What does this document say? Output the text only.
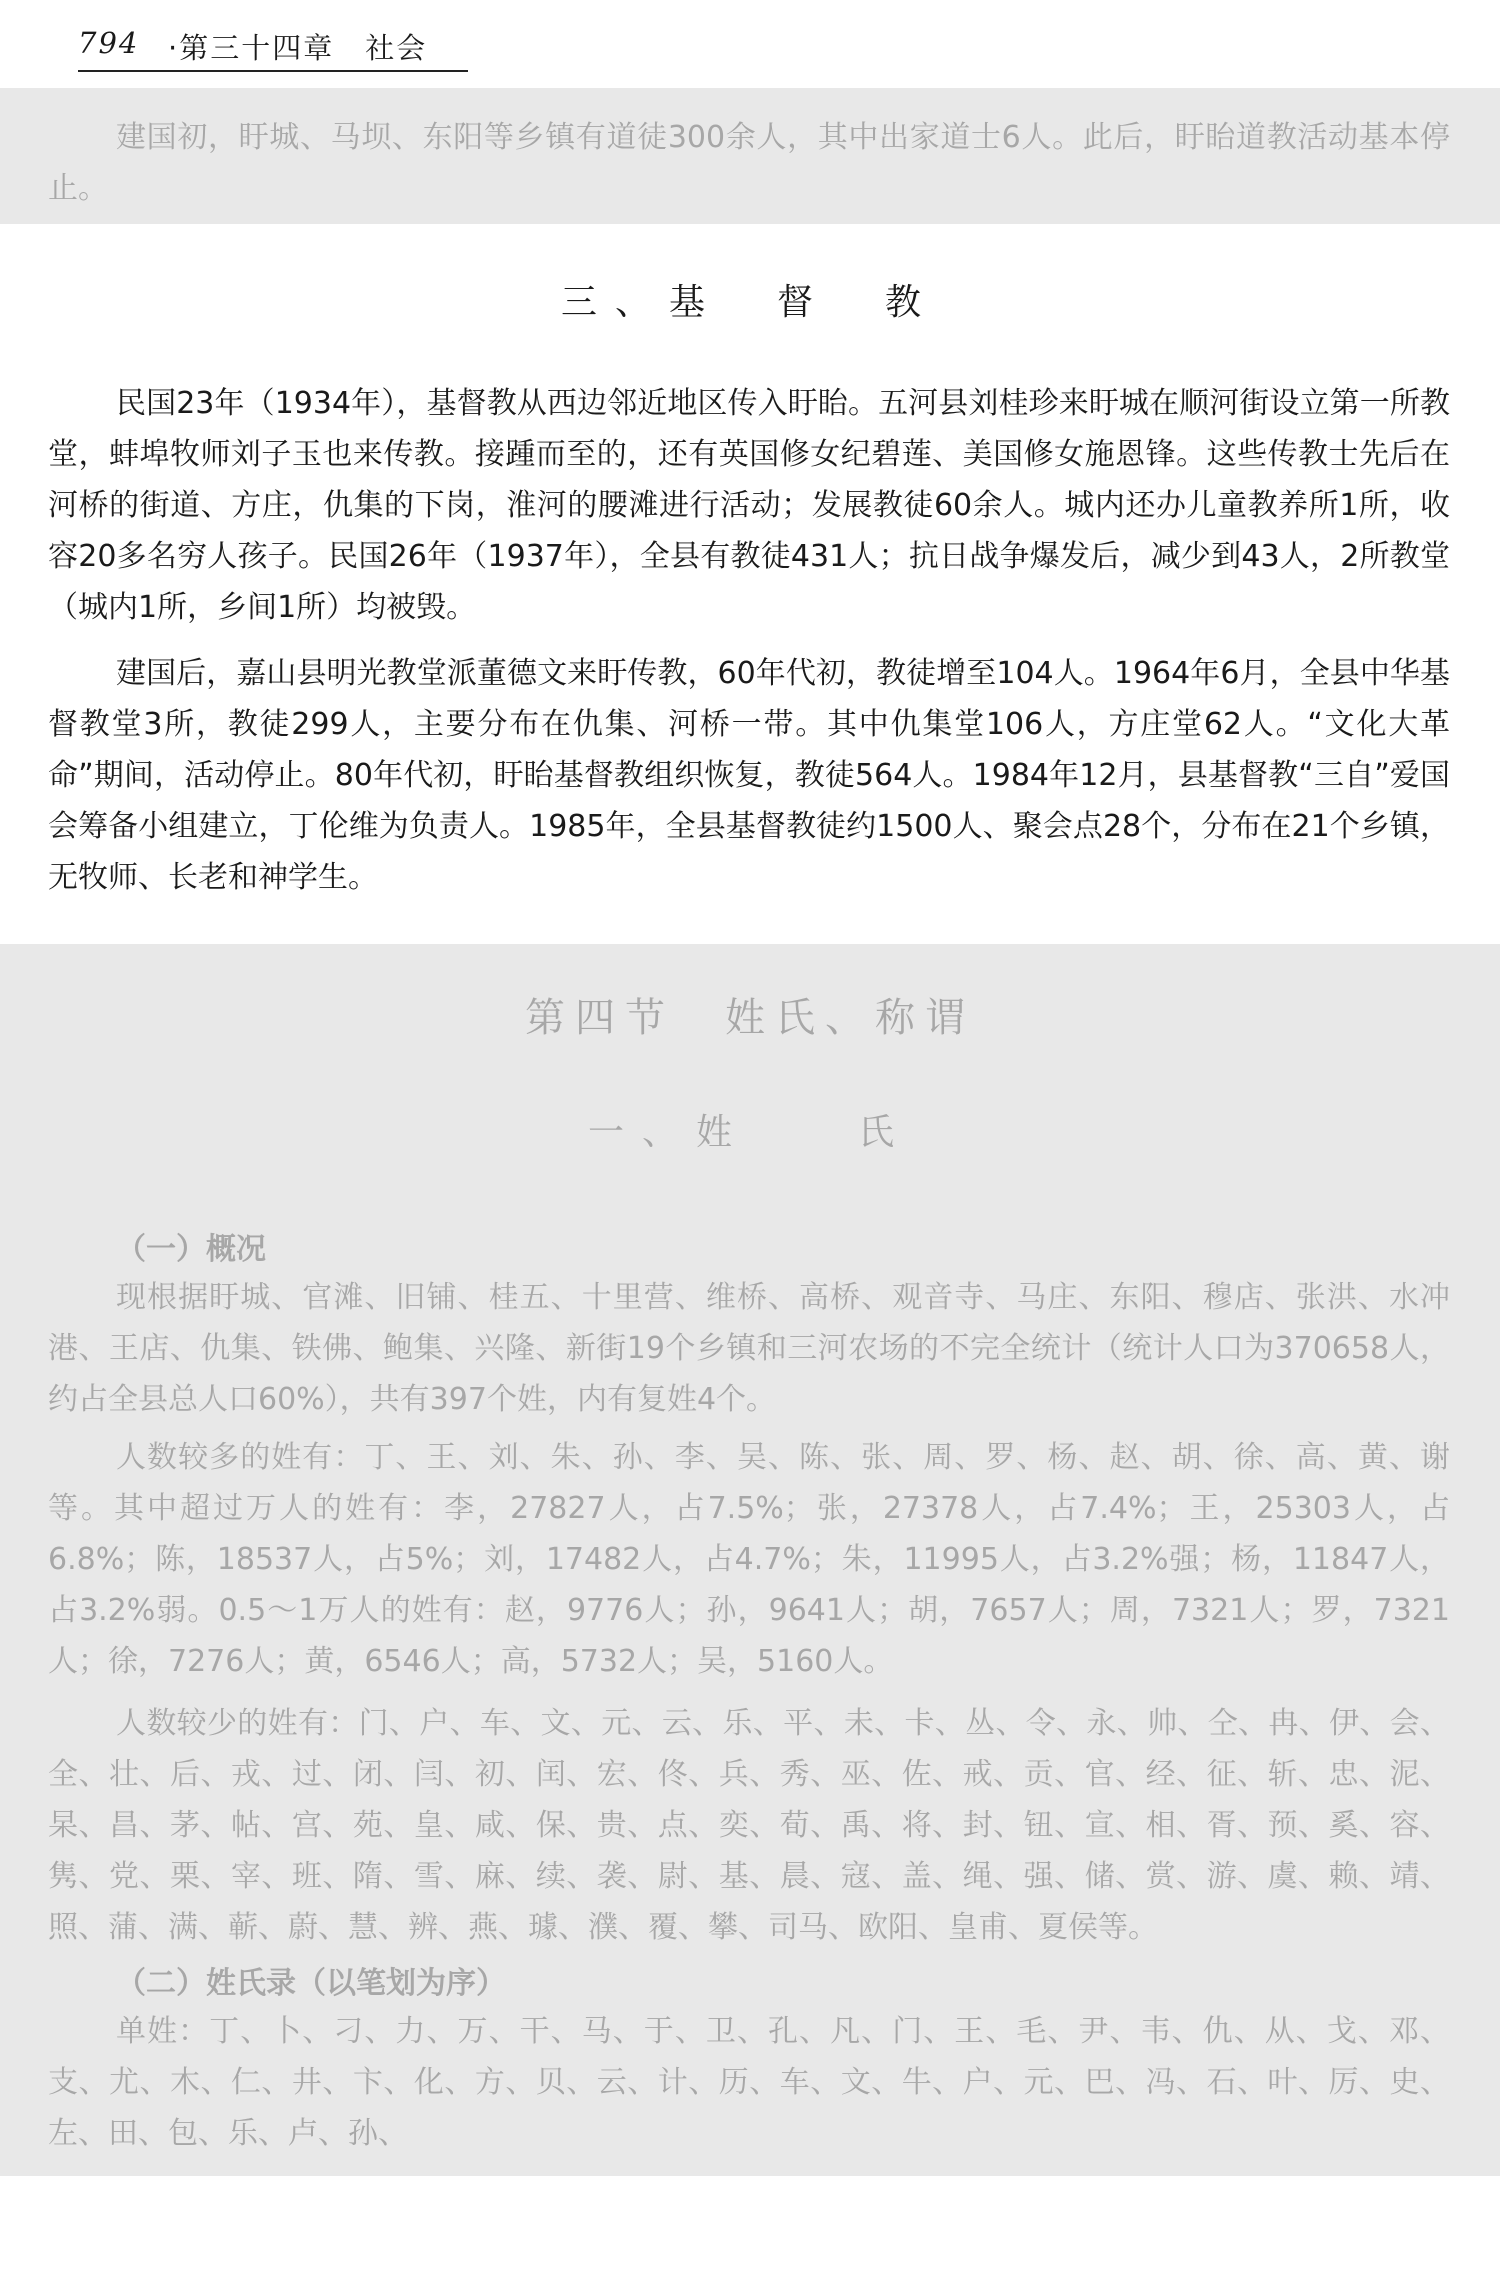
794 ·第三十四章　社会

建国初，盱城、马坝、东阳等乡镇有道徒300余人，其中出家道士6人。此后，盱眙道教活动基本停止。

三、基　督　教

民国23年（1934年），基督教从西边邻近地区传入盱眙。五河县刘桂珍来盱城在顺河街设立第一所教堂，蚌埠牧师刘子玉也来传教。接踵而至的，还有英国修女纪碧莲、美国修女施恩锋。这些传教士先后在河桥的街道、方庄，仇集的下岗，淮河的腰滩进行活动；发展教徒60余人。城内还办儿童教养所1所，收容20多名穷人孩子。民国26年（1937年），全县有教徒431人；抗日战争爆发后，减少到43人，2所教堂（城内1所，乡间1所）均被毁。

建国后，嘉山县明光教堂派董德文来盱传教，60年代初，教徒增至104人。1964年6月，全县中华基督教堂3所，教徒299人，主要分布在仇集、河桥一带。其中仇集堂106人，方庄堂62人。“文化大革命”期间，活动停止。80年代初，盱眙基督教组织恢复，教徒564人。1984年12月，县基督教“三自”爱国会筹备小组建立，丁伦维为负责人。1985年，全县基督教徒约1500人、聚会点28个，分布在21个乡镇，无牧师、长老和神学生。

第四节　姓氏、称谓
一、姓　　氏
（一）概况

现根据盱城、官滩、旧铺、桂五、十里营、维桥、高桥、观音寺、马庄、东阳、穆店、张洪、水冲港、王店、仇集、铁佛、鲍集、兴隆、新街19个乡镇和三河农场的不完全统计（统计人口为370658人，约占全县总人口60%），共有397个姓，内有复姓4个。

人数较多的姓有：丁、王、刘、朱、孙、李、吴、陈、张、周、罗、杨、赵、胡、徐、高、黄、谢等。其中超过万人的姓有：李，27827人，占7.5%；张，27378人，占7.4%；王，25303人，占6.8%；陈，18537人，占5%；刘，17482人，占4.7%；朱，11995人，占3.2%强；杨，11847人，占3.2%弱。0.5～1万人的姓有：赵，9776人；孙，9641人；胡，7657人；周，7321人；罗，7321人；徐，7276人；黄，6546人；高，5732人；吴，5160人。

人数较少的姓有：门、户、车、文、元、云、乐、平、未、卡、丛、令、永、帅、仝、冉、伊、会、全、壮、后、戎、过、闭、闫、初、闰、宏、佟、兵、秀、巫、佐、戒、贡、官、经、征、斩、忠、泥、杲、昌、茅、帖、宫、苑、皇、咸、保、贵、点、奕、荀、禹、将、封、钮、宣、相、胥、预、奚、容、隽、党、栗、宰、班、隋、雪、麻、续、袭、尉、基、晨、寇、盖、绳、强、储、赏、游、虞、赖、靖、照、蒲、满、蕲、蔚、慧、辨、燕、璩、濮、覆、攀、司马、欧阳、皇甫、夏侯等。

（二）姓氏录（以笔划为序）

单姓：丁、卜、刁、力、万、干、马、于、卫、孔、凡、门、王、毛、尹、韦、仇、从、戈、邓、支、尤、木、仁、井、卞、化、方、贝、云、计、历、车、文、牛、户、元、巴、冯、石、叶、厉、史、左、田、包、乐、卢、孙、
